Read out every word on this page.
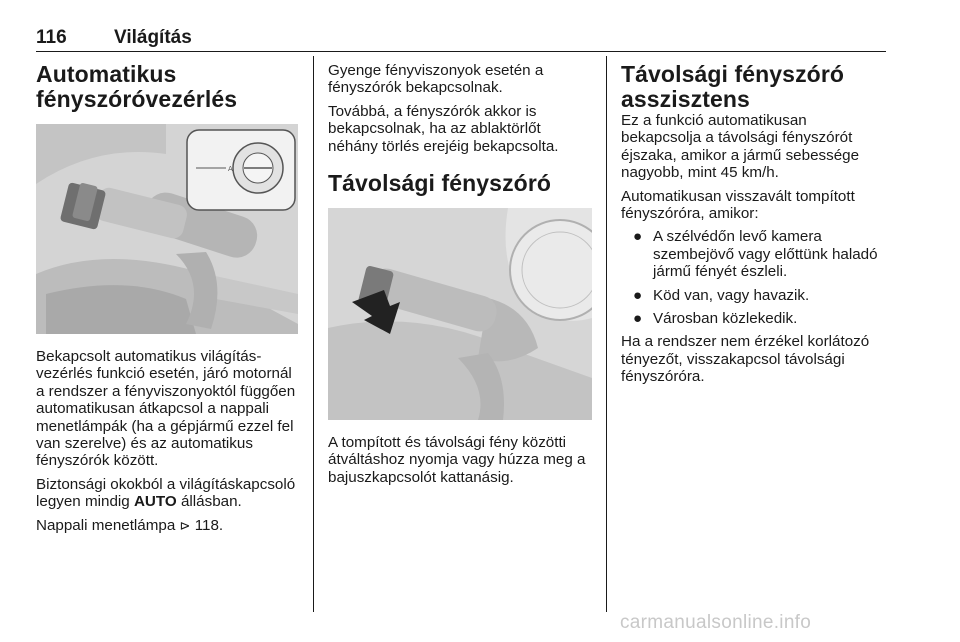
116 Világítás
Automatikus fényszóróvezérlés
A

Bekapcsolt automatikus világítás-vezérlés funkció esetén, járó motornál a rendszer a fényviszonyoktól függően automatikusan átkapcsol a nappali menetlámpák (ha a gépjármű ezzel fel van szerelve) és az automatikus fényszórók között.

Biztonsági okokból a világításkapcsoló legyen mindig AUTO állásban.

Nappali menetlámpa ⊳ 118.

Gyenge fényviszonyok esetén a fényszórók bekapcsolnak.

Továbbá, a fényszórók akkor is bekapcsolnak, ha az ablaktörlőt néhány törlés erejéig bekapcsolta.

Távolsági fényszóró

A tompított és távolsági fény közötti átváltáshoz nyomja vagy húzza meg a bajuszkapcsolót kattanásig.

Távolsági fényszóró asszisztens

Ez a funkció automatikusan bekapcsolja a távolsági fényszórót éjszaka, amikor a jármű sebessége nagyobb, mint 45 km/h.

Automatikusan visszavált tompított fényszóróra, amikor:

● A szélvédőn levő kamera szembejövő vagy előttünk haladó jármű fényét észleli.
● Köd van, vagy havazik.
● Városban közlekedik.

Ha a rendszer nem érzékel korlátozó tényezőt, visszakapcsol távolsági fényszóróra.

carmanualsonline.info
